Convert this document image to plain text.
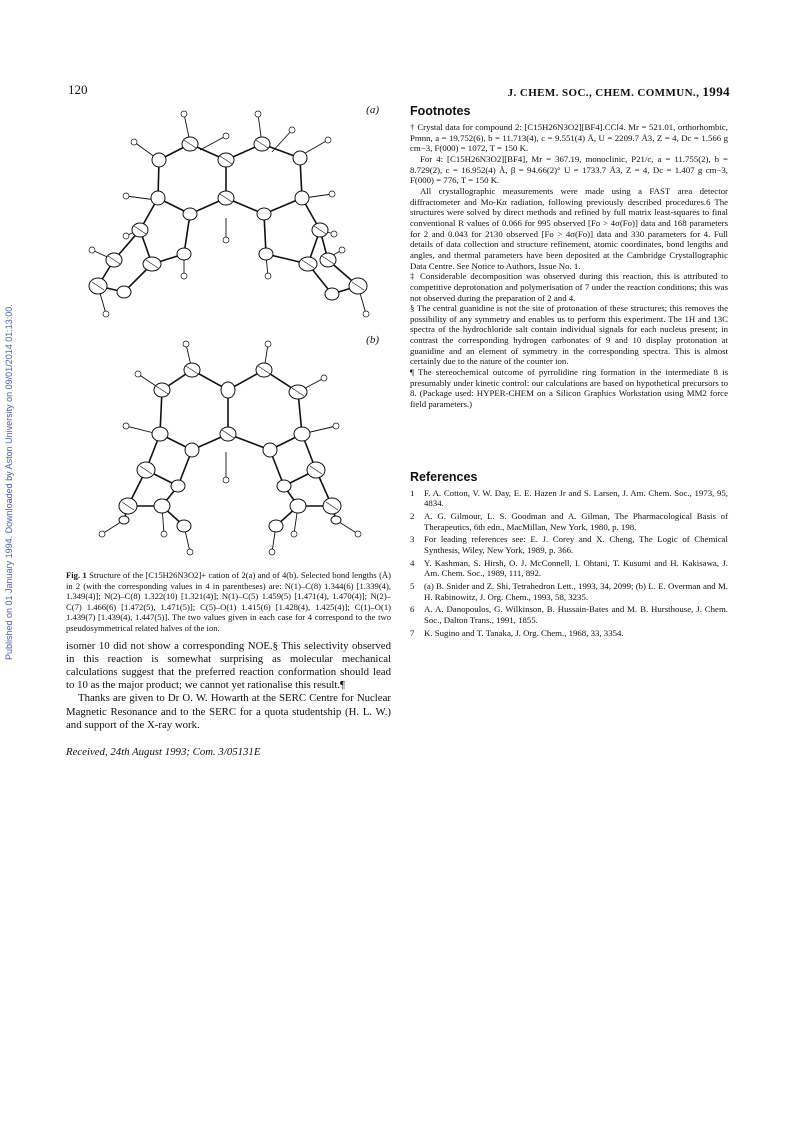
120	J. CHEM. SOC., CHEM. COMMUN., 1994
Published on 01 January 1994. Downloaded by Aston University on 09/01/2014 01:13:00.
(a)
(b)
Fig. 1 Structure of the [C15H26N3O2]+ cation of 2(a) and of 4(b). Selected bond lengths (Å) in 2 (with the corresponding values in 4 in parentheses) are: N(1)–C(8) 1.344(6) [1.339(4), 1.349(4)]; N(2)–C(8) 1.322(10) [1.321(4)]; N(1)–C(5) 1.459(5) [1.471(4), 1.470(4)]; N(2)–C(7) 1.466(6) [1.472(5), 1.471(5)]; C(5)–O(1) 1.415(6) [1.428(4), 1.425(4)]; C(1)–O(1) 1.439(7) [1.439(4), 1.447(5)]. The two values given in each case for 4 correspond to the two pseudosymmetrical related halves of the ion.

isomer 10 did not show a corresponding NOE.§ This selectivity observed in this reaction is somewhat surprising as molecular mechanical calculations suggest that the preferred reaction conformation should lead to 10 as the major product; we cannot yet rationalise this result.¶

Thanks are given to Dr O. W. Howarth at the SERC Centre for Nuclear Magnetic Resonance and to the SERC for a quota studentship (H. L. W.) and support of the X-ray work.

Received, 24th August 1993; Com. 3/05131E
Footnotes

† Crystal data for compound 2: [C15H26N3O2][BF4].CCl4. Mr = 521.01, orthorhombic, Pmnn, a = 19.752(6), b = 11.713(4), c = 9.551(4) Å, U = 2209.7 Å3, Z = 4, Dc = 1.566 g cm−3, F(000) = 1072, T = 150 K.

For 4: [C15H26N3O2][BF4], Mr = 367.19, monoclinic, P21/c, a = 11.755(2), b = 8.729(2), c = 16.952(4) Å, β = 94.66(2)° U = 1733.7 Å3, Z = 4, Dc = 1.407 g cm−3, F(000) = 776, T = 150 K.

All crystallographic measurements were made using a FAST area detector diffractometer and Mo-Kα radiation, following previously described procedures.6 The structures were solved by direct methods and refined by full matrix least-squares to final conventional R values of 0.066 for 995 observed [Fo > 4σ(Fo)] data and 168 parameters for 2 and 0.043 for 2130 observed [Fo > 4σ(Fo)] data and 330 parameters for 4. Full details of data collection and structure refinement, atomic coordinates, bond lengths and angles, and thermal parameters have been deposited at the Cambridge Crystallographic Data Centre. See Notice to Authors, Issue No. 1.

‡ Considerable decomposition was observed during this reaction, this is attributed to competitive deprotonation and polymerisation of 7 under the reaction conditions; this was not observed during the preparation of 2 and 4.

§ The central guanidine is not the site of protonation of these structures; this removes the possibility of any symmetry and enables us to perform this experiment. The 1H and 13C spectra of the hydrochloride salt contain individual signals for each nucleus present; in contrast the corresponding hydrogen carbonates of 9 and 10 display protonation at guanidine and an element of symmetry in the corresponding spectra. This is almost certainly due to the nature of the counter ion.

¶ The stereochemical outcome of pyrrolidine ring formation in the intermediate 8 is presumably under kinetic control: our calculations are based on hypothetical precursors to 8. (Package used: HYPER-CHEM on a Silicon Graphics Workstation using MM2 force field parameters.)

References

1 F. A. Cotton, V. W. Day, E. E. Hazen Jr and S. Larsen, J. Am. Chem. Soc., 1973, 95, 4834.

2 A. G. Gilmour, L. S. Goodman and A. Gilman, The Pharmacological Basis of Therapeutics, 6th edn., MacMillan, New York, 1980, p. 198.

3 For leading references see: E. J. Corey and X. Cheng, The Logic of Chemical Synthesis, Wiley, New York, 1989, p. 366.

4 Y. Kashman, S. Hirsh, O. J. McConnell, I. Ohtani, T. Kusumi and H. Kakisawa, J. Am. Chem. Soc., 1989, 111, 892.

5 (a) B. Snider and Z. Shi, Tetrahedron Lett., 1993, 34, 2099; (b) L. E. Overman and M. H. Rabinowitz, J. Org. Chem., 1993, 58, 3235.

6 A. A. Danopoulos, G. Wilkinson, B. Hussain-Bates and M. B. Hursthouse, J. Chem. Soc., Dalton Trans., 1991, 1855.

7 K. Sugino and T. Tanaka, J. Org. Chem., 1968, 33, 3354.
